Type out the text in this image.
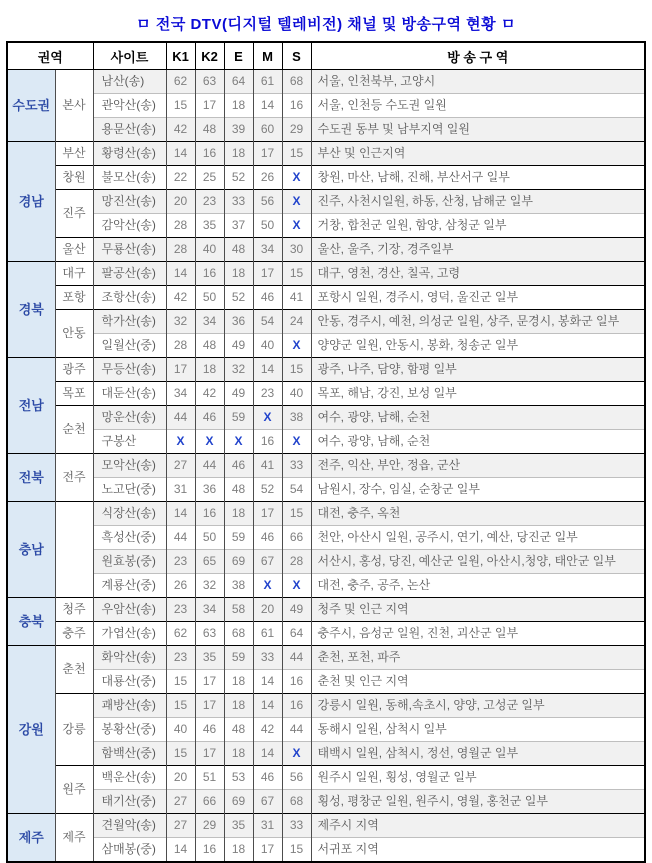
ㅁ 전국 DTV(디지털 텔레비전) 채널 및 방송구역 현황 ㅁ
권역		사이트	K1	K2	E	M	S	방 송 구 역
수도권	본사	남산(송)	62	63	64	61	68	서울, 인천북부, 고양시
		관악산(송)	15	17	18	14	16	서울, 인천등 수도권 일원
		용문산(송)	42	48	39	60	29	수도권 동부 및 남부지역 일원
경남	부산	황령산(송)	14	16	18	17	15	부산 및 인근지역
	창원	불모산(송)	22	25	52	26	X	창원, 마산, 남해, 진해, 부산서구 일부
	진주	망진산(송)	20	23	33	56	X	진주, 사천시일원, 하동, 산청, 남해군 일부
		감악산(송)	28	35	37	50	X	거창, 합천군 일원, 함양, 삼청군 일부
	울산	무룡산(송)	28	40	48	34	30	울산, 울주, 기장, 경주일부
경북	대구	팔공산(송)	14	16	18	17	15	대구, 영천, 경산, 칠곡, 고령
	포항	조항산(송)	42	50	52	46	41	포항시 일원, 경주시, 영덕, 울진군 일부
	안동	학가산(송)	32	34	36	54	24	안동, 경주시, 예천, 의성군 일원, 상주, 문경시, 봉화군 일부
		일월산(중)	28	48	49	40	X	양양군 일원, 안동시, 봉화, 청송군 일부
전남	광주	무등산(송)	17	18	32	14	15	광주, 나주, 담양, 함평 일부
	목포	대둔산(송)	34	42	49	23	40	목포, 해남, 강진, 보성 일부
	순천	망운산(송)	44	46	59	X	38	여수, 광양, 남해, 순천
		구봉산	X	X	X	16	X	여수, 광양, 남해, 순천
전북	전주	모악산(송)	27	44	46	41	33	전주, 익산, 부안, 정읍, 군산
		노고단(중)	31	36	48	52	54	남원시, 장수, 임실, 순창군 일부
충남		식장산(송)	14	16	18	17	15	대전, 충주, 옥천
		흑성산(중)	44	50	59	46	66	천안, 아산시 일원, 공주시, 연기, 예산, 당진군 일부
		원효봉(중)	23	65	69	67	28	서산시, 홍성, 당진, 예산군 일원, 아산시,청양, 태안군 일부
		계룡산(중)	26	32	38	X	X	대전, 충주, 공주, 논산
충북	청주	우암산(송)	23	34	58	20	49	청주 및 인근 지역
	충주	가엽산(송)	62	63	68	61	64	충주시, 음성군 일원, 진천, 괴산군 일부
강원	춘천	화악산(송)	23	35	59	33	44	춘천, 포천, 파주
		대룡산(중)	15	17	18	14	16	춘천 및 인근 지역
	강릉	괘방산(송)	15	17	18	14	16	강릉시 일원, 동해,속초시, 양양, 고성군 일부
		봉황산(중)	40	46	48	42	44	동해시 일원, 삼척시 일부
		함백산(중)	15	17	18	14	X	태백시 일원, 삼척시, 정선, 영월군 일부
	원주	백운산(송)	20	51	53	46	56	원주시 일원, 횡성, 영월군 일부
		태기산(중)	27	66	69	67	68	횡성, 평창군 일원, 원주시, 영월, 홍천군 일부
제주	제주	견월악(송)	27	29	35	31	33	제주시 지역
		삼매봉(중)	14	16	18	17	15	서귀포 지역
